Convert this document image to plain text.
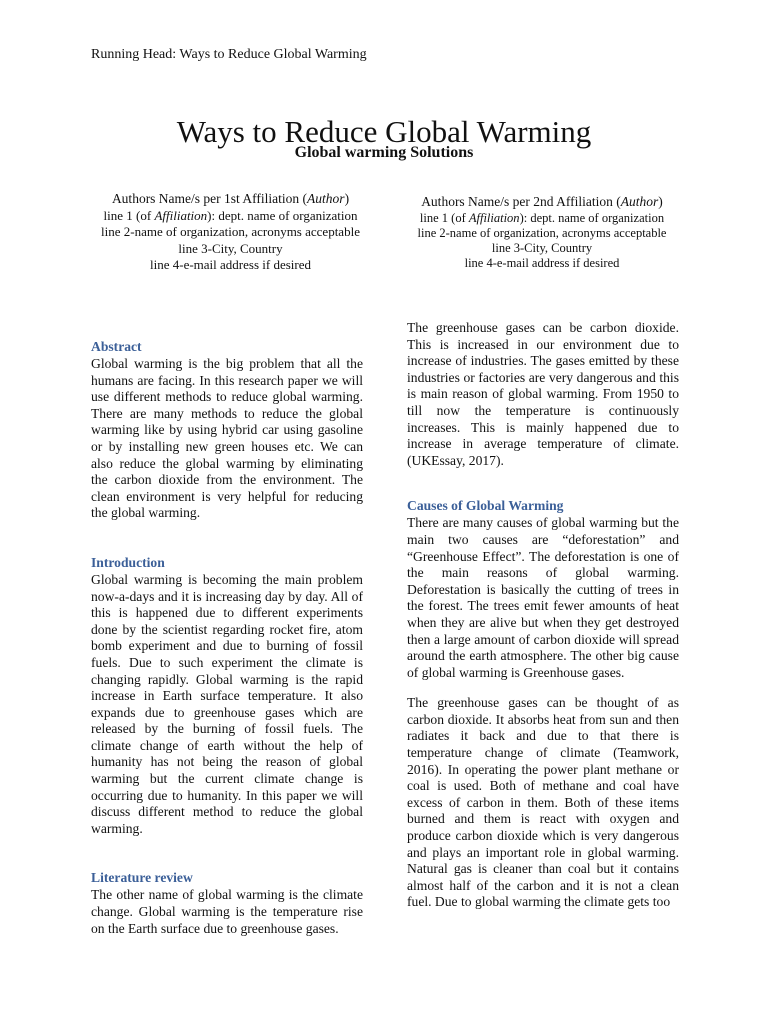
Running Head: Ways to Reduce Global Warming
Ways to Reduce Global Warming
Global warming Solutions
Authors Name/s per 1st Affiliation (Author)
line 1 (of Affiliation): dept. name of organization
line 2-name of organization, acronyms acceptable
line 3-City, Country
line 4-e-mail address if desired
Authors Name/s per 2nd Affiliation (Author)
line 1 (of Affiliation): dept. name of organization
line 2-name of organization, acronyms acceptable
line 3-City, Country
line 4-e-mail address if desired
Abstract

Global warming is the big problem that all the humans are facing. In this research paper we will use different methods to reduce global warming. There are many methods to reduce the global warming like by using hybrid car using gasoline or by installing new green houses etc. We can also reduce the global warming by eliminating the carbon dioxide from the environment. The clean environment is very helpful for reducing the global warming.

Introduction

Global warming is becoming the main problem now-a-days and it is increasing day by day. All of this is happened due to different experiments done by the scientist regarding rocket fire, atom bomb experiment and due to burning of fossil fuels. Due to such experiment the climate is changing rapidly. Global warming is the rapid increase in Earth surface temperature. It also expands due to greenhouse gases which are released by the burning of fossil fuels. The climate change of earth without the help of humanity has not being the reason of global warming but the current climate change is occurring due to humanity. In this paper we will discuss different method to reduce the global warming.

Literature review

The other name of global warming is the climate change. Global warming is the temperature rise on the Earth surface due to greenhouse gases.

The greenhouse gases can be carbon dioxide. This is increased in our environment due to increase of industries. The gases emitted by these industries or factories are very dangerous and this is main reason of global warming. From 1950 to till now the temperature is continuously increases. This is mainly happened due to increase in average temperature of climate. (UKEssay, 2017).

Causes of Global Warming

There are many causes of global warming but the main two causes are “deforestation” and “Greenhouse Effect”. The deforestation is one of the main reasons of global warming. Deforestation is basically the cutting of trees in the forest. The trees emit fewer amounts of heat when they are alive but when they get destroyed then a large amount of carbon dioxide will spread around the earth atmosphere. The other big cause of global warming is Greenhouse gases.

The greenhouse gases can be thought of as carbon dioxide. It absorbs heat from sun and then radiates it back and due to that there is temperature change of climate (Teamwork, 2016). In operating the power plant methane or coal is used. Both of methane and coal have excess of carbon in them. Both of these items burned and them is react with oxygen and produce carbon dioxide which is very dangerous and plays an important role in global warming. Natural gas is cleaner than coal but it contains almost half of the carbon and it is not a clean fuel. Due to global warming the climate gets too
